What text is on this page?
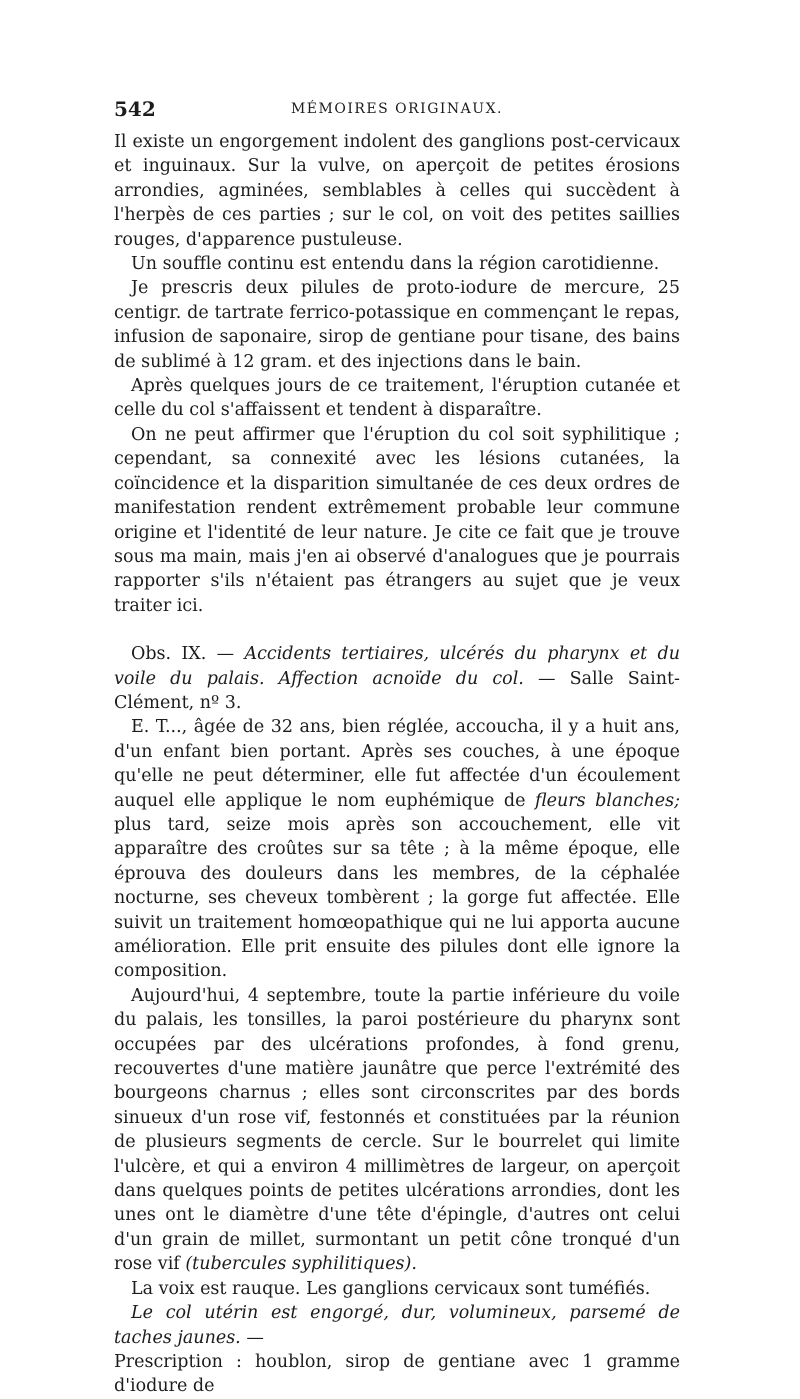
542	MÉMOIRES ORIGINAUX.

Il existe un engorgement indolent des ganglions post-cervicaux et inguinaux. Sur la vulve, on aperçoit de petites érosions arrondies, agminées, semblables à celles qui succèdent à l'herpès de ces parties ; sur le col, on voit des petites saillies rouges, d'apparence pustuleuse.

Un souffle continu est entendu dans la région carotidienne.

Je prescris deux pilules de proto-iodure de mercure, 25 centigr. de tartrate ferrico-potassique en commençant le repas, infusion de saponaire, sirop de gentiane pour tisane, des bains de sublimé à 12 gram. et des injections dans le bain.

Après quelques jours de ce traitement, l'éruption cutanée et celle du col s'affaissent et tendent à disparaître.

On ne peut affirmer que l'éruption du col soit syphilitique ; cependant, sa connexité avec les lésions cutanées, la coïncidence et la disparition simultanée de ces deux ordres de manifestation rendent extrêmement probable leur commune origine et l'identité de leur nature. Je cite ce fait que je trouve sous ma main, mais j'en ai observé d'analogues que je pourrais rapporter s'ils n'étaient pas étrangers au sujet que je veux traiter ici.

Obs. IX. — Accidents tertiaires, ulcérés du pharynx et du voile du palais. Affection acnoïde du col. — Salle Saint-Clément, nº 3.

E. T..., âgée de 32 ans, bien réglée, accoucha, il y a huit ans, d'un enfant bien portant. Après ses couches, à une époque qu'elle ne peut déterminer, elle fut affectée d'un écoulement auquel elle applique le nom euphémique de fleurs blanches; plus tard, seize mois après son accouchement, elle vit apparaître des croûtes sur sa tête ; à la même époque, elle éprouva des douleurs dans les membres, de la céphalée nocturne, ses cheveux tombèrent ; la gorge fut affectée. Elle suivit un traitement homœopathique qui ne lui apporta aucune amélioration. Elle prit ensuite des pilules dont elle ignore la composition.

Aujourd'hui, 4 septembre, toute la partie inférieure du voile du palais, les tonsilles, la paroi postérieure du pharynx sont occupées par des ulcérations profondes, à fond grenu, recouvertes d'une matière jaunâtre que perce l'extrémité des bourgeons charnus ; elles sont circonscrites par des bords sinueux d'un rose vif, festonnés et constituées par la réunion de plusieurs segments de cercle. Sur le bourrelet qui limite l'ulcère, et qui a environ 4 millimètres de largeur, on aperçoit dans quelques points de petites ulcérations arrondies, dont les unes ont le diamètre d'une tête d'épingle, d'autres ont celui d'un grain de millet, surmontant un petit cône tronqué d'un rose vif (tubercules syphilitiques).

La voix est rauque. Les ganglions cervicaux sont tuméfiés.

Le col utérin est engorgé, dur, volumineux, parsemé de taches jaunes. —

Prescription : houblon, sirop de gentiane avec 1 gramme d'iodure de
